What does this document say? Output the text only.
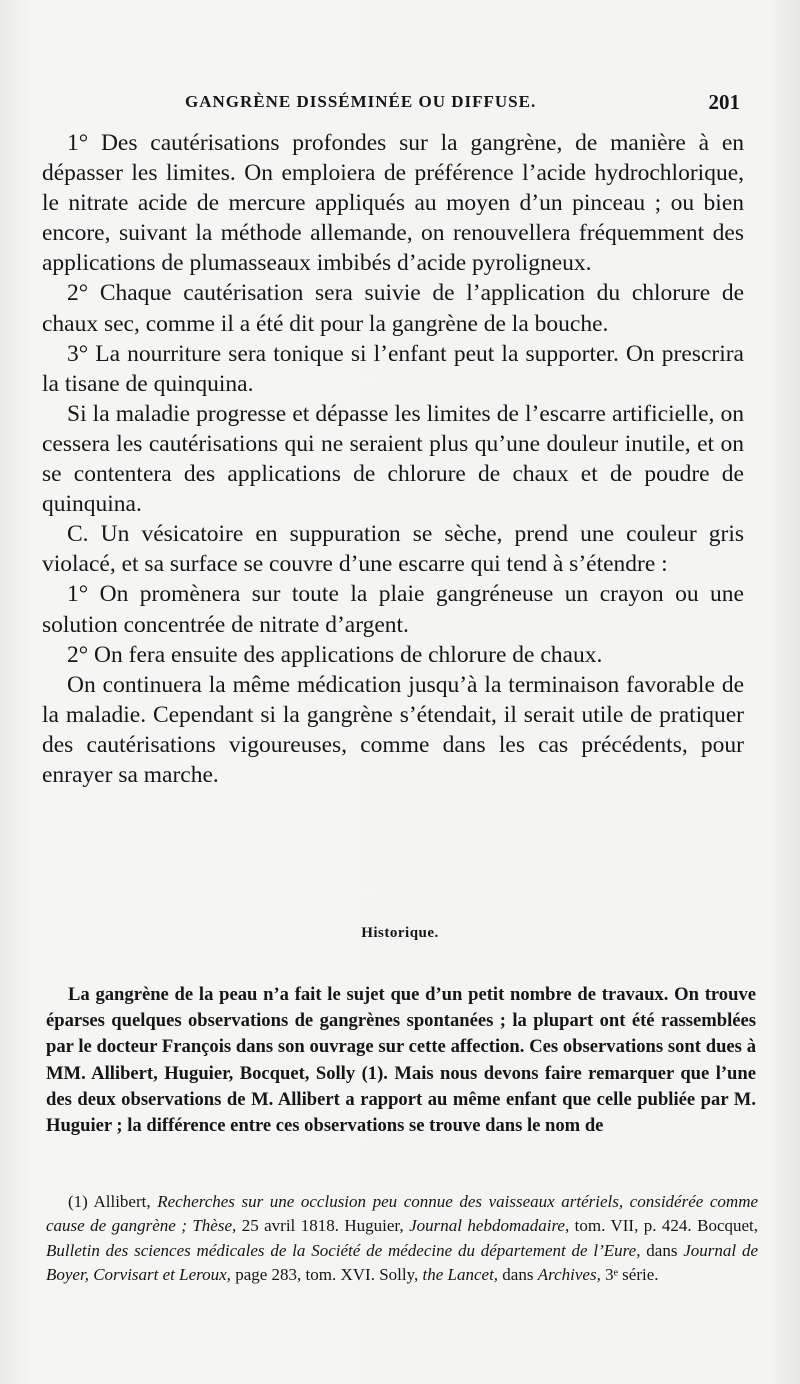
GANGRÈNE DISSÉMINÉE OU DIFFUSE.	201

1° Des cautérisations profondes sur la gangrène, de manière à en dépasser les limites. On emploiera de préférence l’acide hydrochlorique, le nitrate acide de mercure appliqués au moyen d’un pinceau ; ou bien encore, suivant la méthode allemande, on renouvellera fréquemment des applications de plumasseaux imbibés d’acide pyroligneux.

2° Chaque cautérisation sera suivie de l’application du chlorure de chaux sec, comme il a été dit pour la gangrène de la bouche.

3° La nourriture sera tonique si l’enfant peut la supporter. On prescrira la tisane de quinquina.

Si la maladie progresse et dépasse les limites de l’escarre artificielle, on cessera les cautérisations qui ne seraient plus qu’une douleur inutile, et on se contentera des applications de chlorure de chaux et de poudre de quinquina.

C. Un vésicatoire en suppuration se sèche, prend une couleur gris violacé, et sa surface se couvre d’une escarre qui tend à s’étendre :

1° On promènera sur toute la plaie gangréneuse un crayon ou une solution concentrée de nitrate d’argent.

2° On fera ensuite des applications de chlorure de chaux.

On continuera la même médication jusqu’à la terminaison favorable de la maladie. Cependant si la gangrène s’étendait, il serait utile de pratiquer des cautérisations vigoureuses, comme dans les cas précédents, pour enrayer sa marche.

Historique.

La gangrène de la peau n’a fait le sujet que d’un petit nombre de travaux. On trouve éparses quelques observations de gangrènes spontanées ; la plupart ont été rassemblées par le docteur François dans son ouvrage sur cette affection. Ces observations sont dues à MM. Allibert, Huguier, Bocquet, Solly (1). Mais nous devons faire remarquer que l’une des deux observations de M. Allibert a rapport au même enfant que celle publiée par M. Huguier ; la différence entre ces observations se trouve dans le nom de

(1) Allibert, Recherches sur une occlusion peu connue des vaisseaux artériels, considérée comme cause de gangrène ; Thèse, 25 avril 1818. Huguier, Journal hebdomadaire, tom. VII, p. 424. Bocquet, Bulletin des sciences médicales de la Société de médecine du département de l’Eure, dans Journal de Boyer, Corvisart et Leroux, page 283, tom. XVI. Solly, the Lancet, dans Archives, 3ᵉ série.
